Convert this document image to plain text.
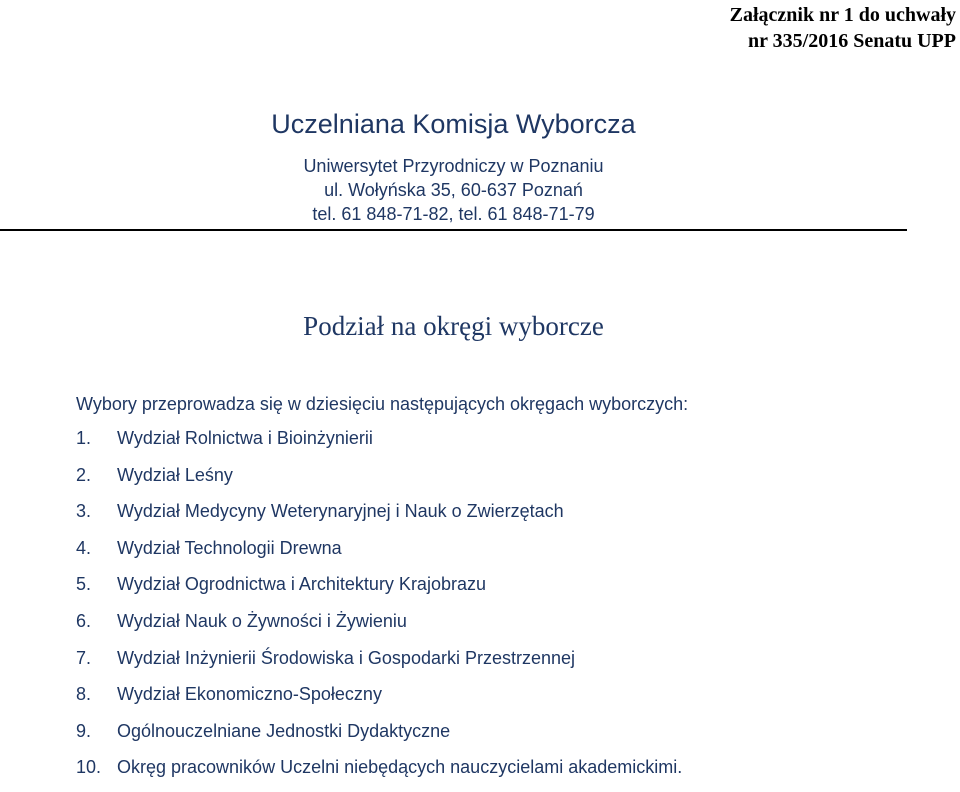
Załącznik nr 1 do uchwały
nr 335/2016 Senatu UPP
Uczelniana Komisja Wyborcza
Uniwersytet Przyrodniczy w Poznaniu
ul. Wołyńska 35, 60-637 Poznań
tel. 61 848-71-82, tel. 61 848-71-79
Podział na okręgi wyborcze
Wybory przeprowadza się w dziesięciu następujących okręgach wyborczych:
1.	Wydział Rolnictwa i Bioinżynierii
2.	Wydział Leśny
3.	Wydział Medycyny Weterynaryjnej i Nauk o Zwierzętach
4.	Wydział Technologii Drewna
5.	Wydział Ogrodnictwa i Architektury Krajobrazu
6.	Wydział Nauk o Żywności i Żywieniu
7.	Wydział Inżynierii Środowiska i Gospodarki Przestrzennej
8.	Wydział Ekonomiczno-Społeczny
9.	Ogólnouczelniane Jednostki Dydaktyczne
10. Okręg pracowników Uczelni niebędących nauczycielami akademickimi.
